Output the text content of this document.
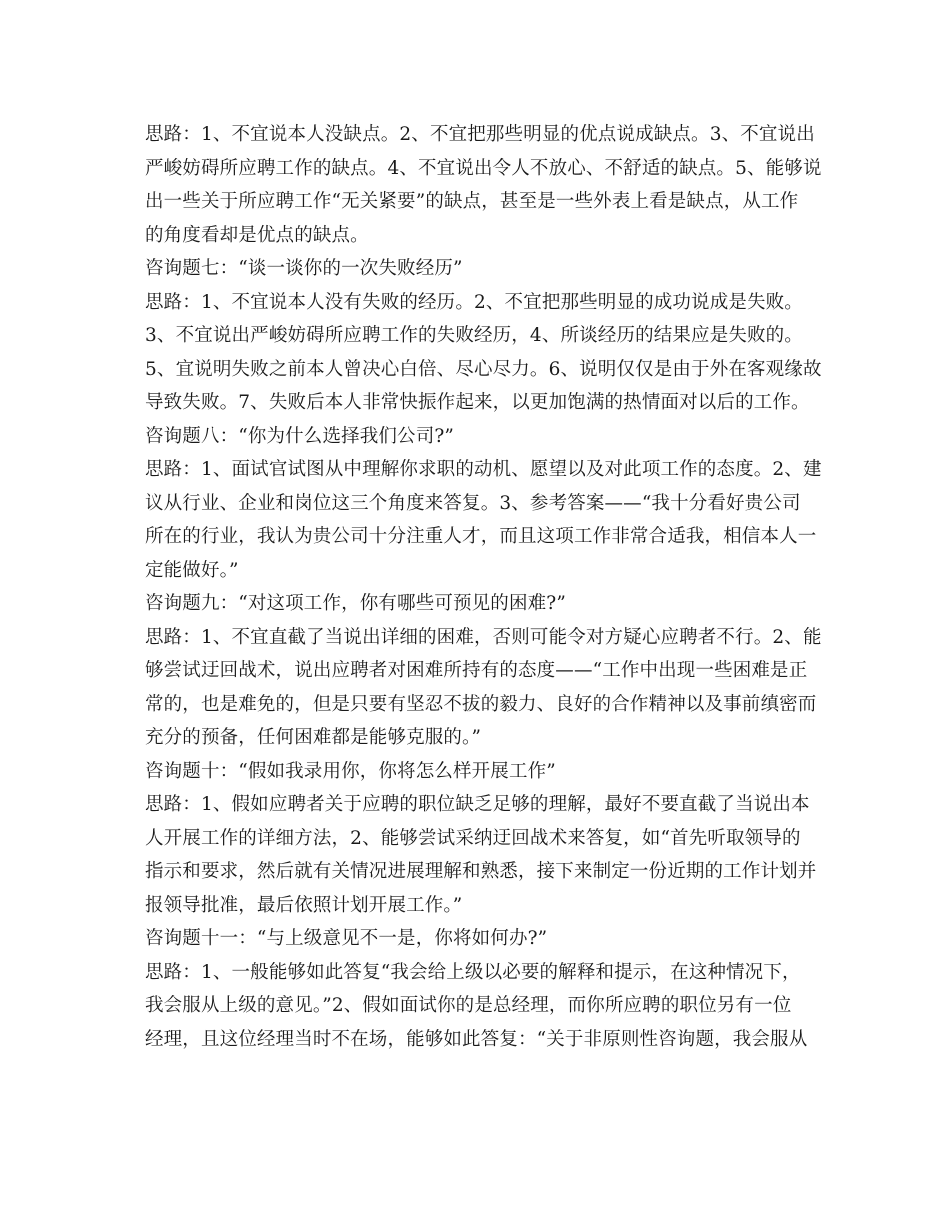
思路：1、不宜说本人没缺点。2、不宜把那些明显的优点说成缺点。3、不宜说出
严峻妨碍所应聘工作的缺点。4、不宜说出令人不放心、不舒适的缺点。5、能够说
出一些关于所应聘工作“无关紧要”的缺点，甚至是一些外表上看是缺点，从工作
的角度看却是优点的缺点。
咨询题七：“谈一谈你的一次失败经历”
思路：1、不宜说本人没有失败的经历。2、不宜把那些明显的成功说成是失败。
3、不宜说出严峻妨碍所应聘工作的失败经历，4、所谈经历的结果应是失败的。
5、宜说明失败之前本人曾决心白倍、尽心尽力。6、说明仅仅是由于外在客观缘故
导致失败。7、失败后本人非常快振作起来，以更加饱满的热情面对以后的工作。
咨询题八：“你为什么选择我们公司?”
思路：1、面试官试图从中理解你求职的动机、愿望以及对此项工作的态度。2、建
议从行业、企业和岗位这三个角度来答复。3、参考答案——“我十分看好贵公司
所在的行业，我认为贵公司十分注重人才，而且这项工作非常合适我，相信本人一
定能做好。”
咨询题九：“对这项工作，你有哪些可预见的困难?”
思路：1、不宜直截了当说出详细的困难，否则可能令对方疑心应聘者不行。2、能
够尝试迂回战术，说出应聘者对困难所持有的态度——“工作中出现一些困难是正
常的，也是难免的，但是只要有坚忍不拔的毅力、良好的合作精神以及事前缜密而
充分的预备，任何困难都是能够克服的。”
咨询题十：“假如我录用你，你将怎么样开展工作”
思路：1、假如应聘者关于应聘的职位缺乏足够的理解，最好不要直截了当说出本
人开展工作的详细方法，2、能够尝试采纳迂回战术来答复，如“首先听取领导的
指示和要求，然后就有关情况进展理解和熟悉，接下来制定一份近期的工作计划并
报领导批准，最后依照计划开展工作。”
咨询题十一：“与上级意见不一是，你将如何办?”
思路：1、一般能够如此答复“我会给上级以必要的解释和提示，在这种情况下，
我会服从上级的意见。”2、假如面试你的是总经理，而你所应聘的职位另有一位
经理，且这位经理当时不在场，能够如此答复：“关于非原则性咨询题，我会服从
